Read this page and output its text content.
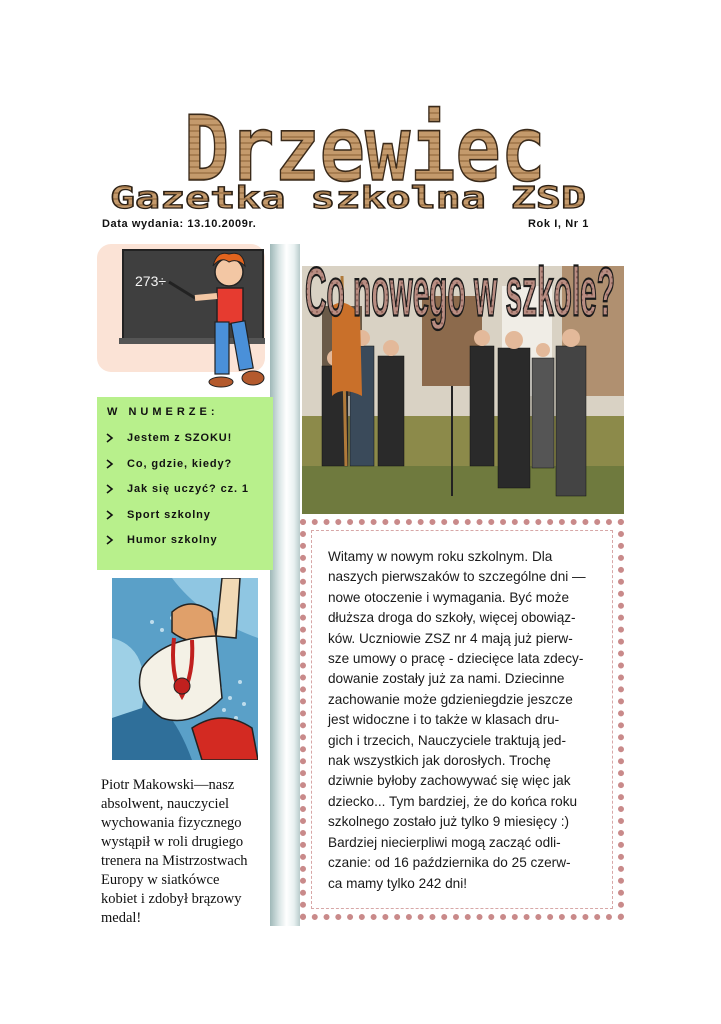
Drzewiec
Gazetka szkolna ZSD
Data wydania: 13.10.2009r.	Rok I, Nr 1
273÷
W NUMERZE:
Jestem z SZOKU!
Co, gdzie, kiedy?
Jak się uczyć? cz. 1
Sport szkolny
Humor szkolny
Piotr Makowski—nasz
absolwent, nauczyciel
wychowania fizycznego
wystąpił w roli drugiego
trenera na Mistrzostwach
Europy w siatkówce
kobiet i zdobył brązowy
medal!
Co nowego w szkole?
Witamy w nowym roku szkolnym. Dla
naszych pierwszaków to szczególne dni —
nowe otoczenie i wymagania. Być może
dłuższa droga do szkoły, więcej obowiąz-
ków. Uczniowie ZSZ nr 4 mają już pierw-
sze umowy o pracę - dziecięce lata zdecy-
dowanie zostały już za nami. Dziecinne
zachowanie może gdzieniegdzie jeszcze
jest widoczne i to także w klasach dru-
gich i trzecich, Nauczyciele traktują jed-
nak wszystkich jak dorosłych. Trochę
dziwnie byłoby zachowywać się więc jak
dziecko... Tym bardziej, że do końca roku
szkolnego zostało już tylko 9 miesięcy :)
Bardziej niecierpliwi mogą zacząć odli-
czanie: od 16 października do 25 czerw-
ca mamy tylko 242 dni!
